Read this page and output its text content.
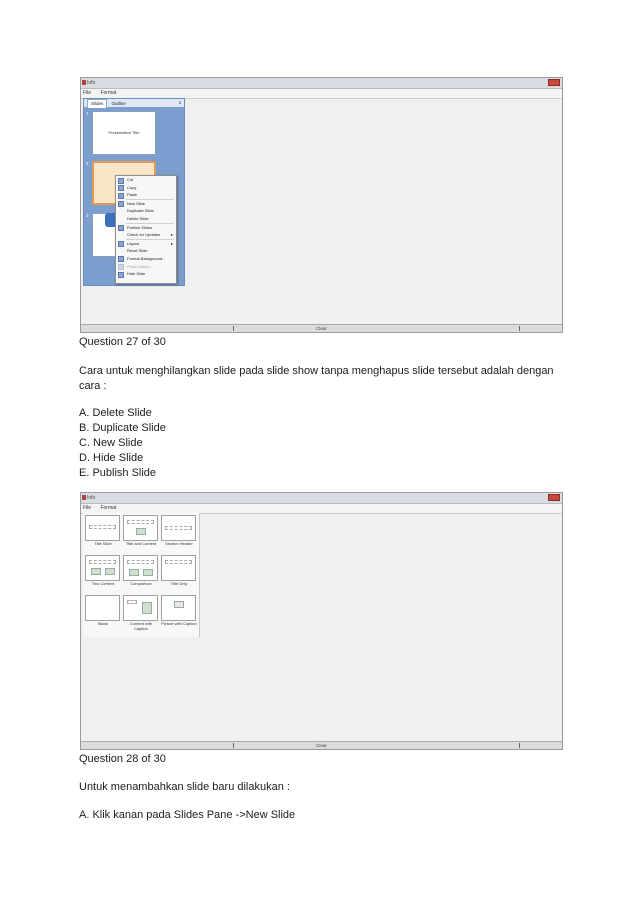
Info
File Format
Slides Outline	x
1
Presentation Title
2
3
Cut
Copy
Paste
New Slide
Duplicate Slide
Delete Slide
Publish Slides
Check for Updates	▸
Layout	▸
Reset Slide
Format Background...
Photo Album...
Hide Slide
Clear
Question 27 of 30
Cara untuk menghilangkan slide pada slide show tanpa menghapus slide tersebut adalah dengan
cara :
A. Delete Slide
B. Duplicate Slide
C. New Slide
D. Hide Slide
E. Publish Slide
Info
File Format
Title Slide	Title and Content	Section Header
Two Content	Comparison	Title Only
Blank	Content with Caption
Picture with Caption
Clear
Question 28 of 30
Untuk menambahkan slide baru dilakukan :
A. Klik kanan pada Slides Pane ->New Slide
